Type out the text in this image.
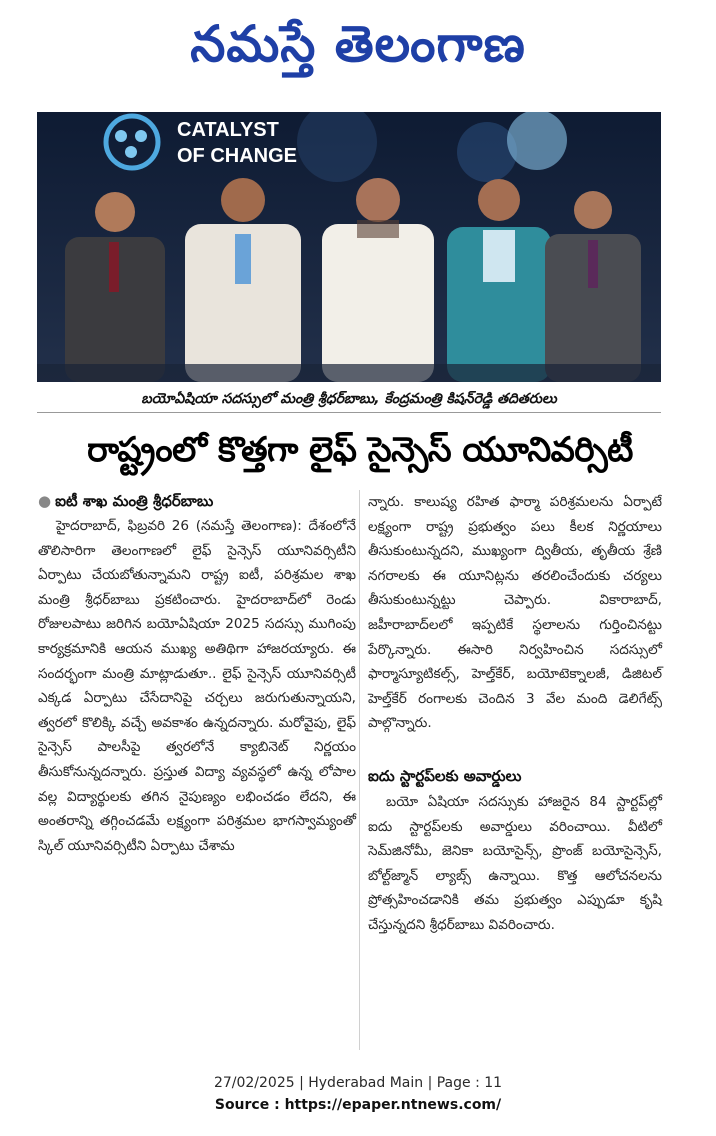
నమస్తే తెలంగాణ
CATALYST
OF CHANGE
బయోఏషియా సదస్సులో మంత్రి శ్రీధర్‌బాబు, కేంద్రమంత్రి కిషన్‌రెడ్డి తదితరులు
రాష్ట్రంలో కొత్తగా లైఫ్ సైన్సెస్ యూనివర్సిటీ
● ఐటీ శాఖ మంత్రి శ్రీధర్‌బాబు

హైదరాబాద్, ఫిబ్రవరి 26 (నమస్తే తెలంగాణ): దేశంలోనే తొలిసారిగా తెలంగాణలో లైఫ్ సైన్సెస్ యూనివర్సిటీని ఏర్పాటు చేయబోతున్నామని రాష్ట్ర ఐటీ, పరిశ్రమల శాఖ మంత్రి శ్రీధర్‌బాబు ప్రకటించారు. హైదరాబాద్‌లో రెండు రోజులపాటు జరిగిన బయోఏషియా 2025 సదస్సు ముగింపు కార్యక్రమానికి ఆయన ముఖ్య అతిథిగా హాజరయ్యారు. ఈ సందర్భంగా మంత్రి మాట్లాడుతూ.. లైఫ్ సైన్సెస్ యూనివర్సిటీ ఎక్కడ ఏర్పాటు చేసేదానిపై చర్చలు జరుగుతున్నాయని, త్వరలో కొలిక్కి వచ్చే అవకాశం ఉన్నదన్నారు. మరోవైపు, లైఫ్ సైన్సెస్ పాలసీపై త్వరలోనే క్యాబినెట్ నిర్ణయం తీసుకోనున్నదన్నారు. ప్రస్తుత విద్యా వ్యవస్థలో ఉన్న లోపాల వల్ల విద్యార్థులకు తగిన నైపుణ్యం లభించడం లేదని, ఈ అంతరాన్ని తగ్గించడమే లక్ష్యంగా పరిశ్రమల భాగస్వామ్యంతో స్కిల్ యూనివర్సిటీని ఏర్పాటు చేశామ

న్నారు. కాలుష్య రహిత ఫార్మా పరిశ్రమలను ఏర్పాటే లక్ష్యంగా రాష్ట్ర ప్రభుత్వం పలు కీలక నిర్ణయాలు తీసుకుంటున్నదని, ముఖ్యంగా ద్వితీయ, తృతీయ శ్రేణి నగరాలకు ఈ యూనిట్లను తరలించేందుకు చర్యలు తీసుకుంటున్నట్టు చెప్పారు. వికారాబాద్, జహీరాబాద్‌లలో ఇప్పటికే స్థలాలను గుర్తించినట్టు పేర్కొన్నారు. ఈసారి నిర్వహించిన సదస్సులో ఫార్మాస్యూటికల్స్, హెల్త్‌కేర్, బయోటెక్నాలజీ, డిజిటల్ హెల్త్‌కేర్ రంగాలకు చెందిన 3 వేల మంది డెలిగేట్స్ పాల్గొన్నారు.

ఐదు స్టార్టప్‌లకు అవార్డులు

బయో ఏషియా సదస్సుకు హాజరైన 84 స్టార్టప్‌ల్లో ఐదు స్టార్టప్‌లకు అవార్డులు వరించాయి. వీటిలో సెమ్‌జినోమీ, జెనికా బయోసైన్స్, ప్రొంజ్ బయోసైన్సెస్, బోల్ట్‌జ్మాన్ ల్యాబ్స్ ఉన్నాయి. కొత్త ఆలోచనలను ప్రోత్సహించడానికి తమ ప్రభుత్వం ఎప్పుడూ కృషి చేస్తున్నదని శ్రీధర్‌బాబు వివరించారు.

27/02/2025 | Hyderabad Main | Page : 11
Source : https://epaper.ntnews.com/
